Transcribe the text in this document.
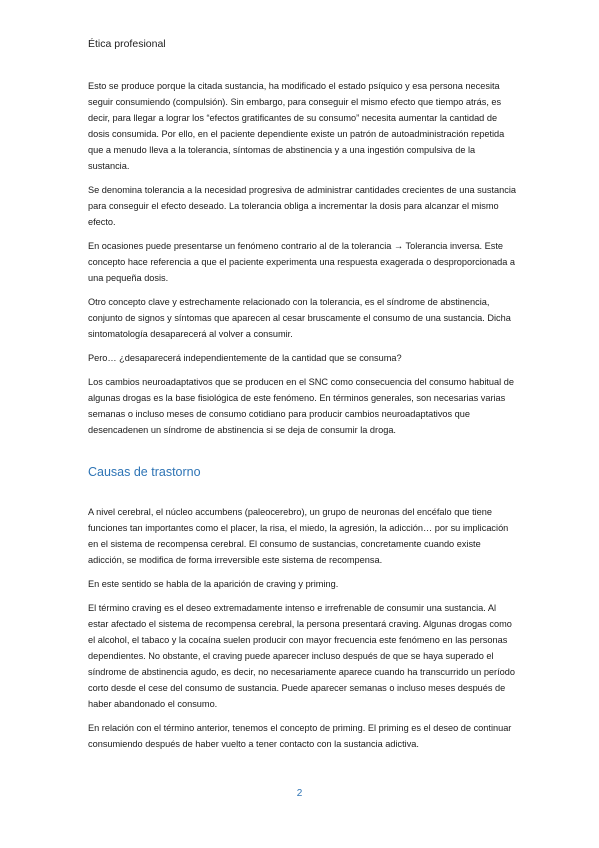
Ética profesional

Esto se produce porque la citada sustancia, ha modificado el estado psíquico y esa persona necesita seguir consumiendo (compulsión). Sin embargo, para conseguir el mismo efecto que tiempo atrás, es decir, para llegar a lograr los “efectos gratificantes de su consumo” necesita aumentar la cantidad de dosis consumida. Por ello, en el paciente dependiente existe un patrón de autoadministración repetida que a menudo lleva a la tolerancia, síntomas de abstinencia y a una ingestión compulsiva de la sustancia.

Se denomina tolerancia a la necesidad progresiva de administrar cantidades crecientes de una sustancia para conseguir el efecto deseado. La tolerancia obliga a incrementar la dosis para alcanzar el mismo efecto.

En ocasiones puede presentarse un fenómeno contrario al de la tolerancia → Tolerancia inversa. Este concepto hace referencia a que el paciente experimenta una respuesta exagerada o desproporcionada a una pequeña dosis.

Otro concepto clave y estrechamente relacionado con la tolerancia, es el síndrome de abstinencia, conjunto de signos y síntomas que aparecen al cesar bruscamente el consumo de una sustancia. Dicha sintomatología desaparecerá al volver a consumir.

Pero… ¿desaparecerá independientemente de la cantidad que se consuma?

Los cambios neuroadaptativos que se producen en el SNC como consecuencia del consumo habitual de algunas drogas es la base fisiológica de este fenómeno. En términos generales, son necesarias varias semanas o incluso meses de consumo cotidiano para producir cambios neuroadaptativos que desencadenen un síndrome de abstinencia si se deja de consumir la droga.

Causas de trastorno

A nivel cerebral, el núcleo accumbens (paleocerebro), un grupo de neuronas del encéfalo que tiene funciones tan importantes como el placer, la risa, el miedo, la agresión, la adicción… por su implicación en el sistema de recompensa cerebral. El consumo de sustancias, concretamente cuando existe adicción, se modifica de forma irreversible este sistema de recompensa.

En este sentido se habla de la aparición de craving y priming.

El término craving es el deseo extremadamente intenso e irrefrenable de consumir una sustancia. Al estar afectado el sistema de recompensa cerebral, la persona presentará craving. Algunas drogas como el alcohol, el tabaco y la cocaína suelen producir con mayor frecuencia este fenómeno en las personas dependientes. No obstante, el craving puede aparecer incluso después de que se haya superado el síndrome de abstinencia agudo, es decir, no necesariamente aparece cuando ha transcurrido un período corto desde el cese del consumo de sustancia. Puede aparecer semanas o incluso meses después de haber abandonado el consumo.

En relación con el término anterior, tenemos el concepto de priming. El priming es el deseo de continuar consumiendo después de haber vuelto a tener contacto con la sustancia adictiva.

2
